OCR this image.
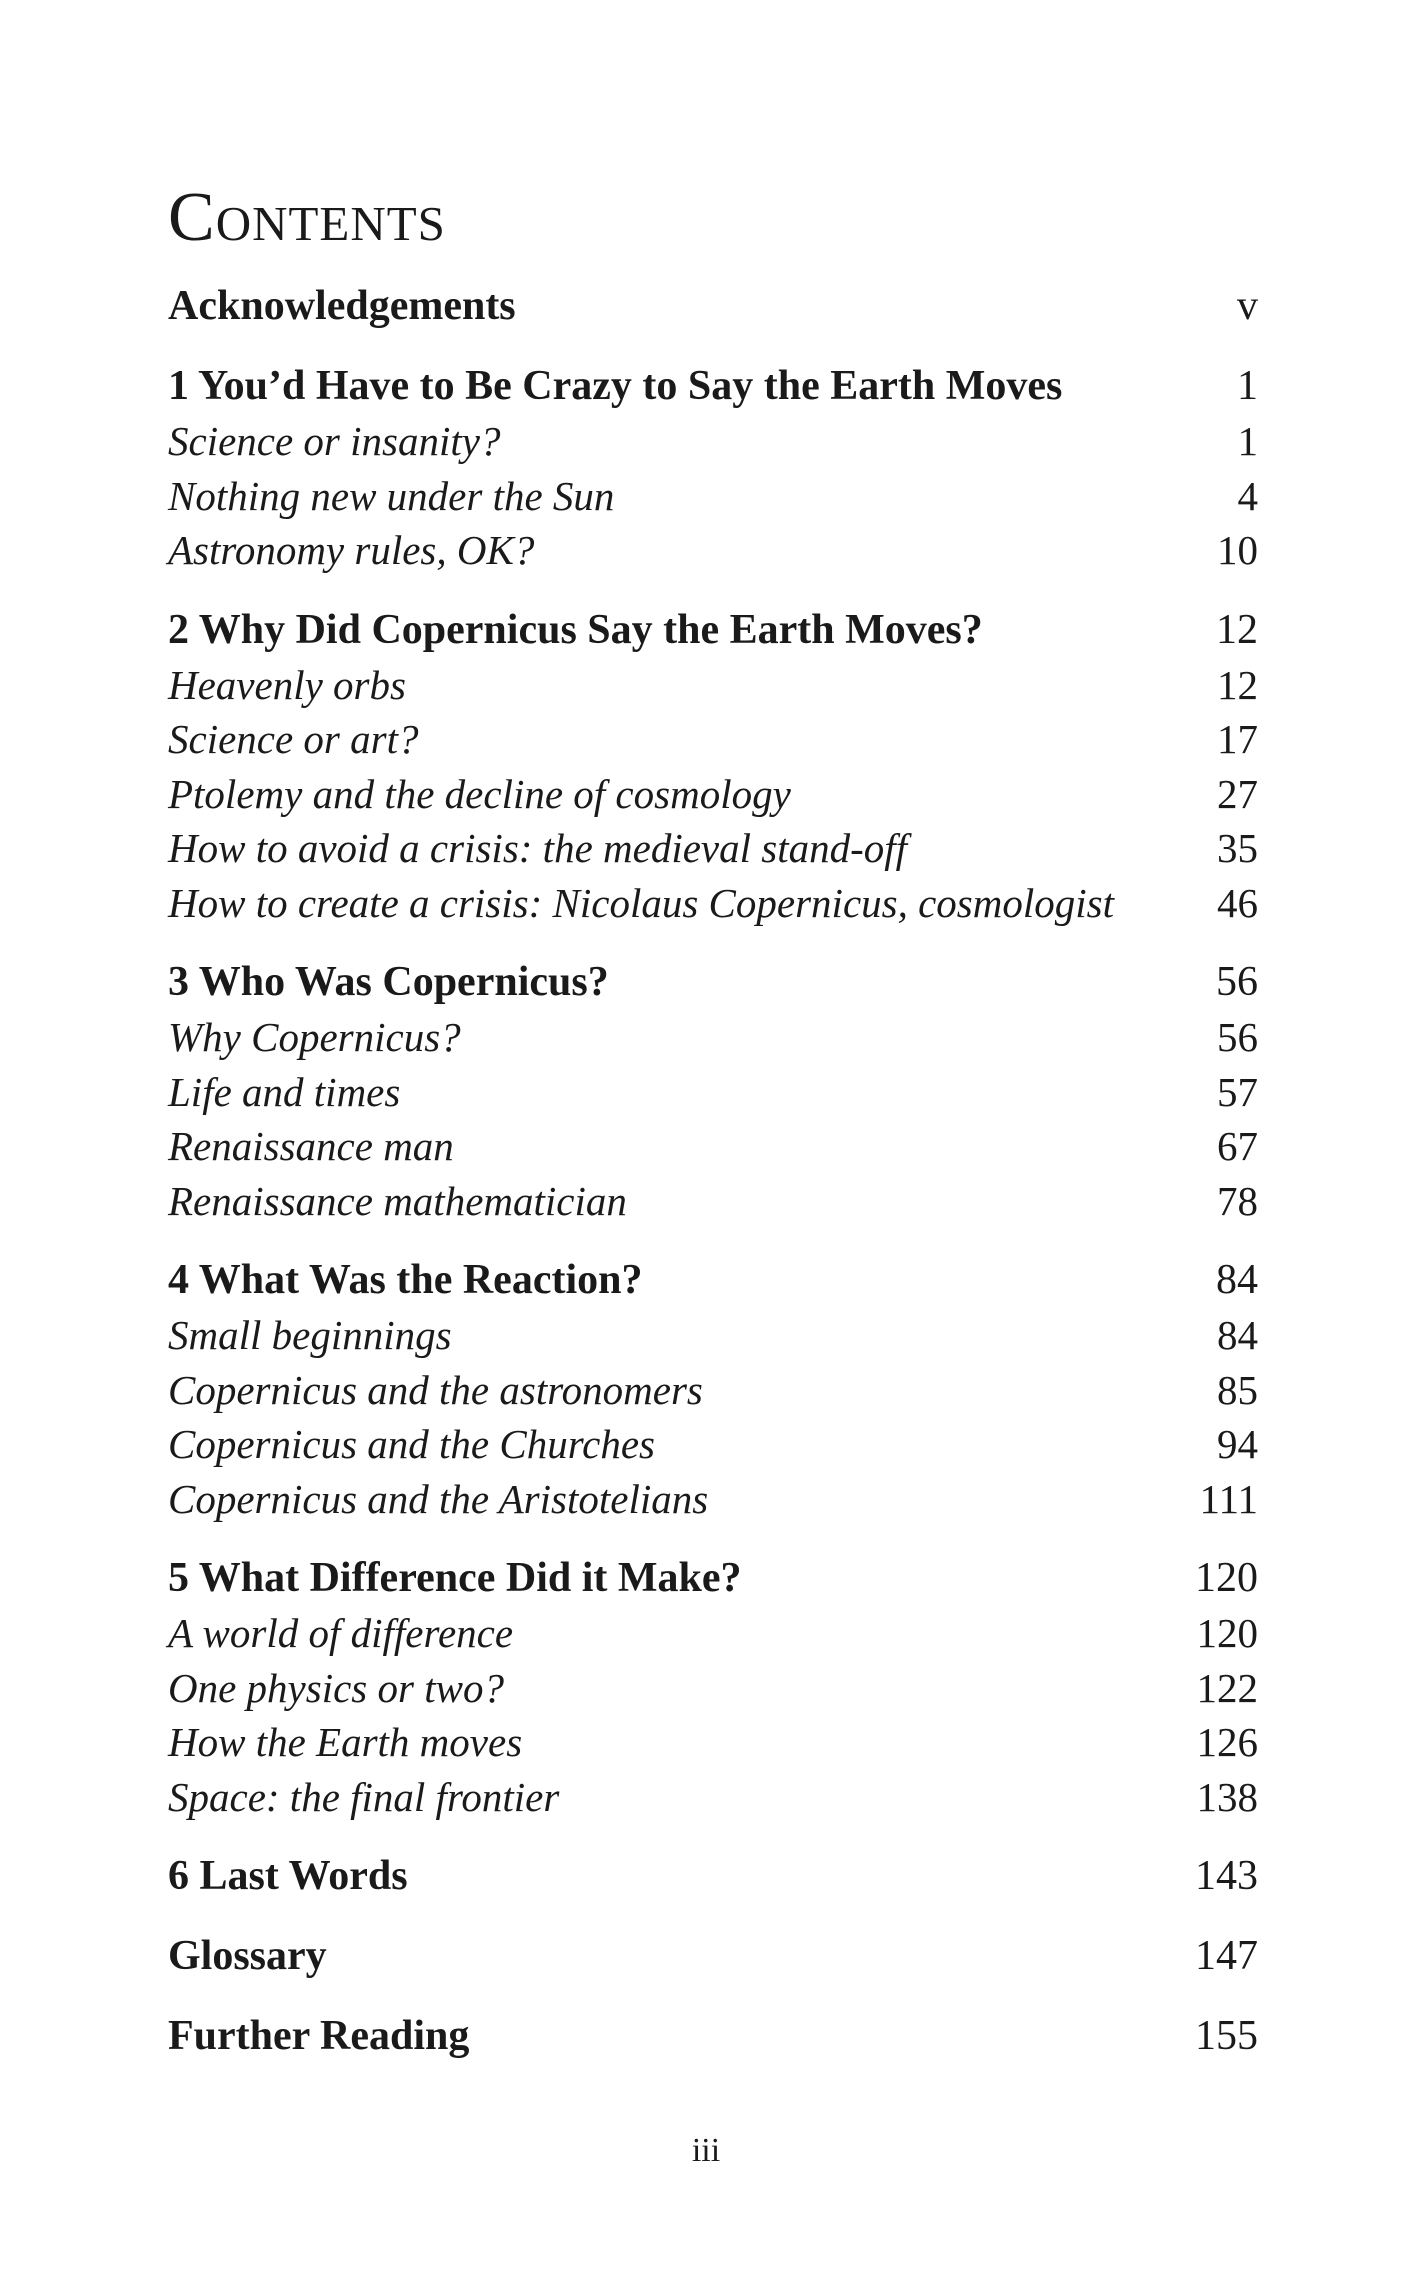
Contents
Acknowledgements	v
1 You’d Have to Be Crazy to Say the Earth Moves	1
Science or insanity?	1
Nothing new under the Sun	4
Astronomy rules, OK?	10
2 Why Did Copernicus Say the Earth Moves?	12
Heavenly orbs	12
Science or art?	17
Ptolemy and the decline of cosmology	27
How to avoid a crisis: the medieval stand-off	35
How to create a crisis: Nicolaus Copernicus, cosmologist	46
3 Who Was Copernicus?	56
Why Copernicus?	56
Life and times	57
Renaissance man	67
Renaissance mathematician	78
4 What Was the Reaction?	84
Small beginnings	84
Copernicus and the astronomers	85
Copernicus and the Churches	94
Copernicus and the Aristotelians	111
5 What Difference Did it Make?	120
A world of difference	120
One physics or two?	122
How the Earth moves	126
Space: the final frontier	138
6 Last Words	143
Glossary	147
Further Reading	155
iii
